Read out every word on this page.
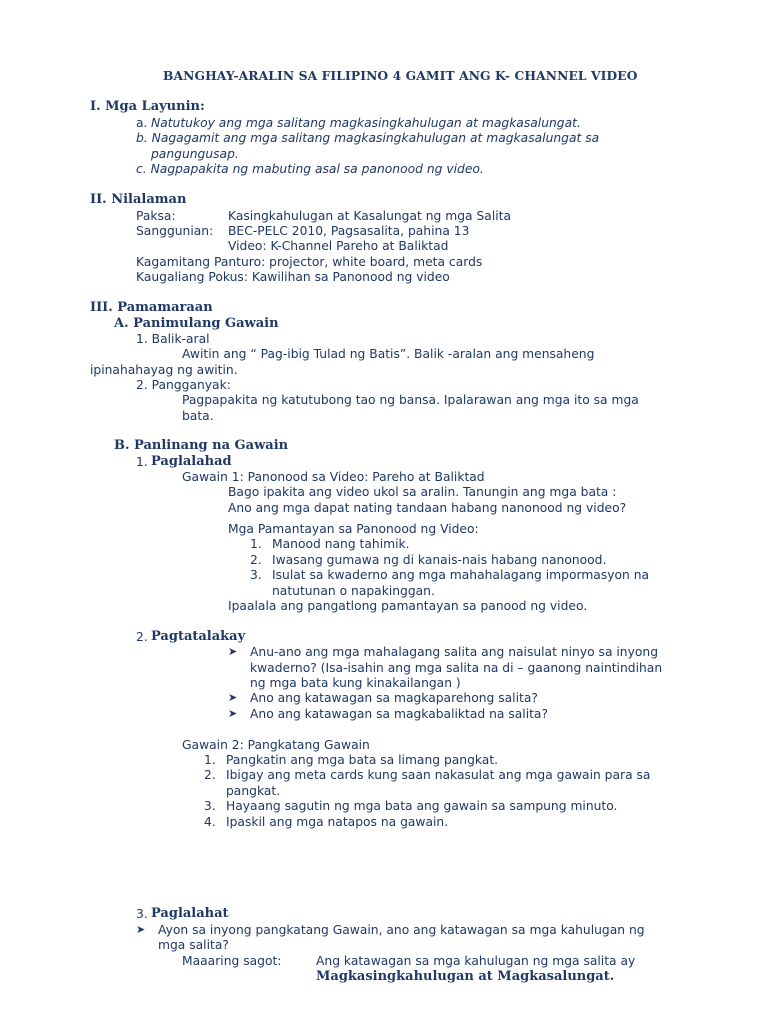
BANGHAY-ARALIN SA FILIPINO 4 GAMIT ANG K- CHANNEL VIDEO
I. Mga Layunin:
a. Natutukoy ang mga salitang magkasingkahulugan at magkasalungat.
b. Nagagamit ang mga salitang magkasingkahulugan at magkasalungat sa
pangungusap.
c. Nagpapakita ng mabuting asal sa panonood ng video.
II. Nilalaman
Paksa:	Kasingkahulugan at Kasalungat ng mga Salita
Sanggunian: BEC-PELC 2010, Pagsasalita, pahina 13
Video: K-Channel Pareho at Baliktad
Kagamitang Panturo: projector, white board, meta cards
Kaugaliang Pokus: Kawilihan sa Panonood ng video
III. Pamamaraan
A. Panimulang Gawain
1. Balik-aral
Awitin ang “ Pag-ibig Tulad ng Batis”. Balik -aralan ang mensaheng
ipinahahayag ng awitin.
2. Pangganyak:
Pagpapakita ng katutubong tao ng bansa. Ipalarawan ang mga ito sa mga
bata.
B. Panlinang na Gawain
1. Paglalahad
Gawain 1: Panonood sa Video: Pareho at Baliktad
Bago ipakita ang video ukol sa aralin. Tanungin ang mga bata :
Ano ang mga dapat nating tandaan habang nanonood ng video?
Mga Pamantayan sa Panonood ng Video:
1. Manood nang tahimik.
2. Iwasang gumawa ng di kanais-nais habang nanonood.
3. Isulat sa kwaderno ang mga mahahalagang impormasyon na
natutunan o napakinggan.
Ipaalala ang pangatlong pamantayan sa panood ng video.
2. Pagtatalakay
➤ Anu-ano ang mga mahalagang salita ang naisulat ninyo sa inyong
kwaderno? (Isa-isahin ang mga salita na di – gaanong naintindihan
ng mga bata kung kinakailangan )
➤ Ano ang katawagan sa magkaparehong salita?
➤ Ano ang katawagan sa magkabaliktad na salita?
Gawain 2: Pangkatang Gawain
1. Pangkatin ang mga bata sa limang pangkat.
2. Ibigay ang meta cards kung saan nakasulat ang mga gawain para sa
pangkat.
3. Hayaang sagutin ng mga bata ang gawain sa sampung minuto.
4. Ipaskil ang mga natapos na gawain.
3. Paglalahat
➤ Ayon sa inyong pangkatang Gawain, ano ang katawagan sa mga kahulugan ng
mga salita?
Maaaring sagot:	Ang katawagan sa mga kahulugan ng mga salita ay
Magkasingkahulugan at Magkasalungat.
